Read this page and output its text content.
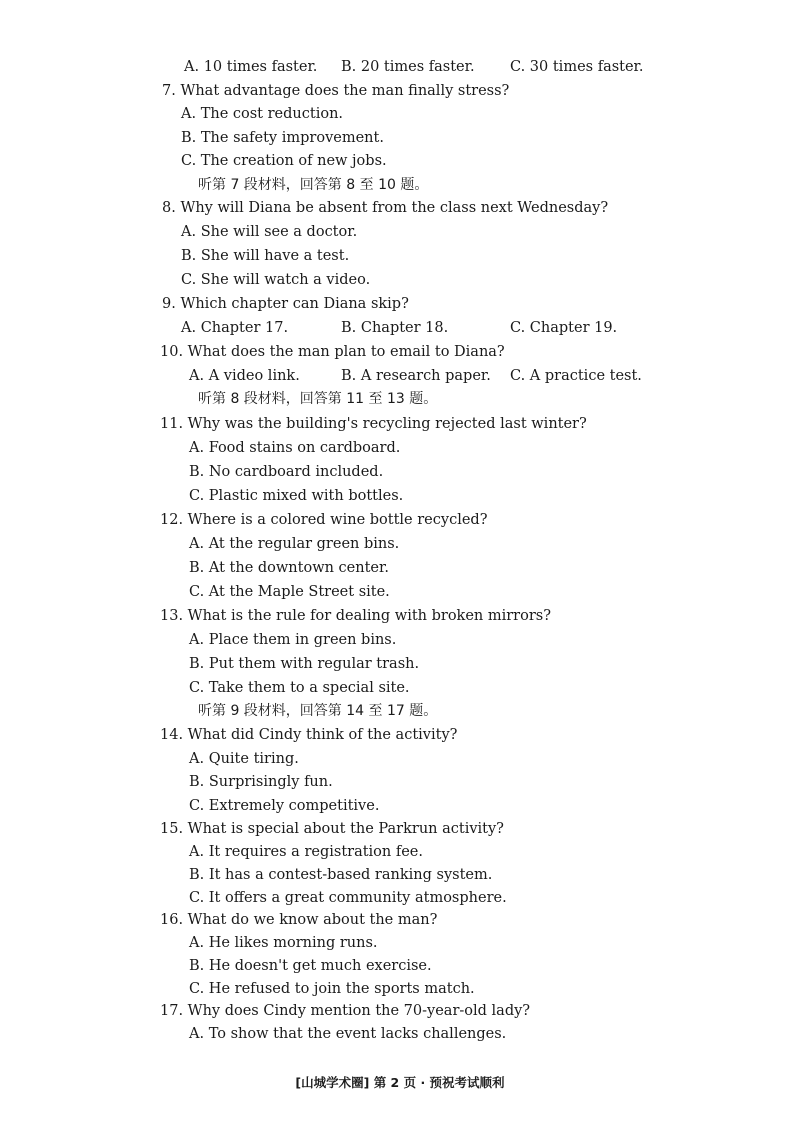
A. 10 times faster. B. 20 times faster. C. 30 times faster.
7. What advantage does the man finally stress?
A. The cost reduction.
B. The safety improvement.
C. The creation of new jobs.
听第 7 段材料，回答第 8 至 10 题。
8. Why will Diana be absent from the class next Wednesday?
A. She will see a doctor.
B. She will have a test.
C. She will watch a video.
9. Which chapter can Diana skip?
A. Chapter 17.	B. Chapter 18.	C. Chapter 19.
10. What does the man plan to email to Diana?
A. A video link.	B. A research paper. C. A practice test.
听第 8 段材料，回答第 11 至 13 题。
11. Why was the building's recycling rejected last winter?
A. Food stains on cardboard.
B. No cardboard included.
C. Plastic mixed with bottles.
12. Where is a colored wine bottle recycled?
A. At the regular green bins.
B. At the downtown center.
C. At the Maple Street site.
13. What is the rule for dealing with broken mirrors?
A. Place them in green bins.
B. Put them with regular trash.
C. Take them to a special site.
听第 9 段材料，回答第 14 至 17 题。
14. What did Cindy think of the activity?
A. Quite tiring.
B. Surprisingly fun.
C. Extremely competitive.
15. What is special about the Parkrun activity?
A. It requires a registration fee.
B. It has a contest-based ranking system.
C. It offers a great community atmosphere.
16. What do we know about the man?
A. He likes morning runs.
B. He doesn't get much exercise.
C. He refused to join the sports match.
17. Why does Cindy mention the 70-year-old lady?
A. To show that the event lacks challenges.
[山城学术圈] 第 2 页 · 预祝考试顺利
